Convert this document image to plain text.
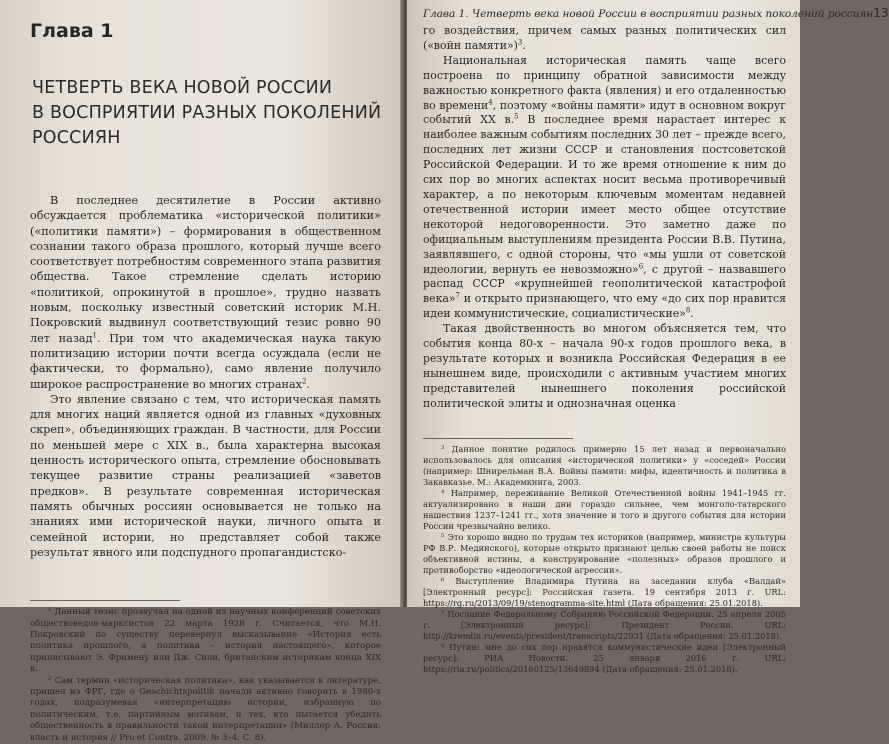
Глава 1
ЧЕТВЕРТЬ ВЕКА НОВОЙ РОССИИ
В ВОСПРИЯТИИ РАЗНЫХ ПОКОЛЕНИЙ
РОССИЯН

В последнее десятилетие в России активно обсуждается проблематика «исторической политики» («политики памяти») – формирования в общественном сознании такого образа прошлого, который лучше всего соответствует потребностям современного этапа развития общества. Такое стремление сделать историю «политикой, опрокинутой в прошлое», трудно назвать новым, поскольку известный советский историк М.Н. Покровский выдвинул соответствующий тезис ровно 90 лет назад$^1$. При том что академическая наука такую политизацию истории почти всегда осуждала (если не фактически, то формально), само явление получило широкое распространение во многих странах$^2$.

Это явление связано с тем, что историческая память для многих наций является одной из главных «духовных скреп», объединяющих граждан. В частности, для России по меньшей мере с XIX в., была характерна высокая ценность исторического опыта, стремление обосновывать текущее развитие страны реализацией «заветов предков». В результате современная историческая память обычных россиян основывается не только на знаниях ими исторической науки, личного опыта и семейной истории, но представляет собой также результат явного или подспудного пропагандистско-

¹ Данный тезис прозвучал на одной из научных конференций советских обществоведов-марксистов 22 марта 1928 г. Считается, что М.Н. Покровский по существу перевернул высказывание «История есть политика прошлого, а политика – история настоящего», которое приписывают Э. Фримену или Дж. Сили, британским историкам конца XIX в.

² Сам термин «историческая политика», как указывается в литературе, пришел из ФРГ, где о Geschichtspolitik начали активно говорить в 1980-х годах, подразумевая «интерпретацию истории, избранную по политическим, т.е. партийным мотивам, и тех, кто пытается убедить общественность в правильности такой интерпретации» (Миллер А. Россия: власть и история // Pro et Contra. 2009. № 3–4. С. 8).

Глава 1. Четверть века новой России в восприятии разных поколений россиян 13

го воздействия, причем самых разных политических сил («войн памяти»)$^3$.

Национальная историческая память чаще всего построена по принципу обратной зависимости между важностью конкретного факта (явления) и его отдаленностью во времени$^4$, поэтому «войны памяти» идут в основном вокруг событий XX в.$^5$ В последнее время нарастает интерес к наиболее важным событиям последних 30 лет – прежде всего, последних лет жизни СССР и становления постсоветской Российской Федерации. И то же время отношение к ним до сих пор во многих аспектах носит весьма противоречивый характер, а по некоторым ключевым моментам недавней отечественной истории имеет место общее отсутствие некоторой недоговоренности. Это заметно даже по официальным выступлениям президента России В.В. Путина, заявлявшего, с одной стороны, что «мы ушли от советской идеологии, вернуть ее невозможно»$^6$, с другой – назвавшего распад СССР «крупнейшей геополитической катастрофой века»$^7$ и открыто признающего, что ему «до сих пор нравится идеи коммунистические, социалистические»$^8$.

Такая двойственность во многом объясняется тем, что события конца 80-х – начала 90-х годов прошлого века, в результате которых и возникла Российская Федерация в ее нынешнем виде, происходили с активным участием многих представителей нынешнего поколения российской политической элиты и однозначная оценка

³ Данное понятие родилось примерно 15 лет назад и первоначально использовалось для описания «исторической политики» у «соседей» России (например: Шнирельман В.А. Войны памяти: мифы, идентичность и политика в Закавказье. М.: Академкнига, 2003.

⁴ Например, переживание Великой Отечественной войны 1941–1945 гг. актуализировано в наши дни гораздо сильнее, чем монголо-татарского нашествия 1237–1241 гг., хотя значение и того и другого события для истории России чрезвычайно велико.

⁵ Это хорошо видно по трудам тех историков (например, министра культуры РФ В.Р. Мединского), которые открыто признают целью своей работы не поиск объективной истины, а конструирование «полезных» образов прошлого и противоборство «идеологической агрессии».

⁶ Выступление Владимира Путина на заседании клуба «Валдай» [Электронный ресурс]: Российская газета. 19 сентября 2013 г. URL: https://rg.ru/2013/09/19/stenogramma-site.html (Дата обращения: 25.01.2018).

⁷ Послание Федеральному Собранию Российской Федерации. 25 апреля 2005 г. [Электронный ресурс]: Президент России. URL: http://kremlin.ru/events/president/transcripts/22931 (Дата обращения: 25.01.2018).

⁸ Путин: мне до сих пор нравятся коммунистические идеи [Электронный ресурс]: РИА Новости. 25 января 2016 г. URL: https://ria.ru/politics/20160125/13649894 (Дата обращения: 25.01.2018).
